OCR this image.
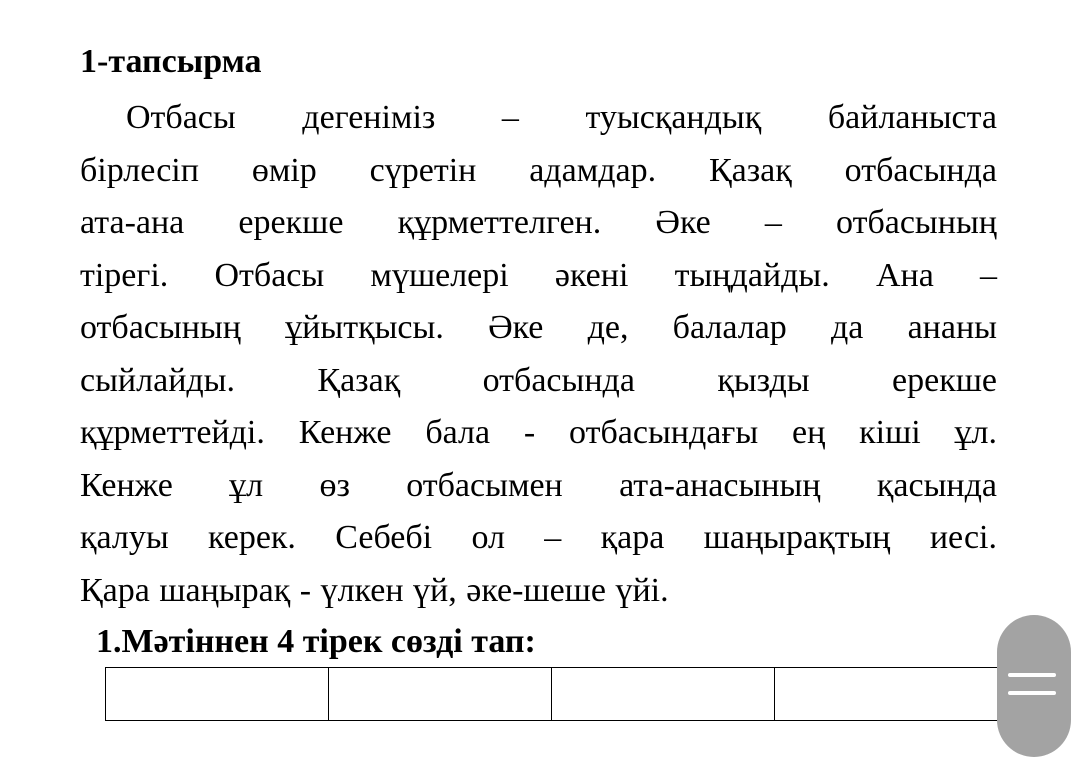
1-тапсырма
Отбасы дегеніміз – туысқандық байланыста
бірлесіп өмір сүретін адамдар. Қазақ отбасында
ата-ана ерекше құрметтелген. Әке – отбасының
тірегі. Отбасы мүшелері әкені тыңдайды. Ана –
отбасының ұйытқысы. Әке де, балалар да ананы
сыйлайды. Қазақ отбасында қызды ерекше
құрметтейді. Кенже бала - отбасындағы ең кіші ұл.
Кенже ұл өз отбасымен ата-анасының қасында
қалуы керек. Себебі ол – қара шаңырақтың иесі.
Қара шаңырақ - үлкен үй, әке-шеше үйі.
1.Мәтіннен 4 тірек сөзді тап:
